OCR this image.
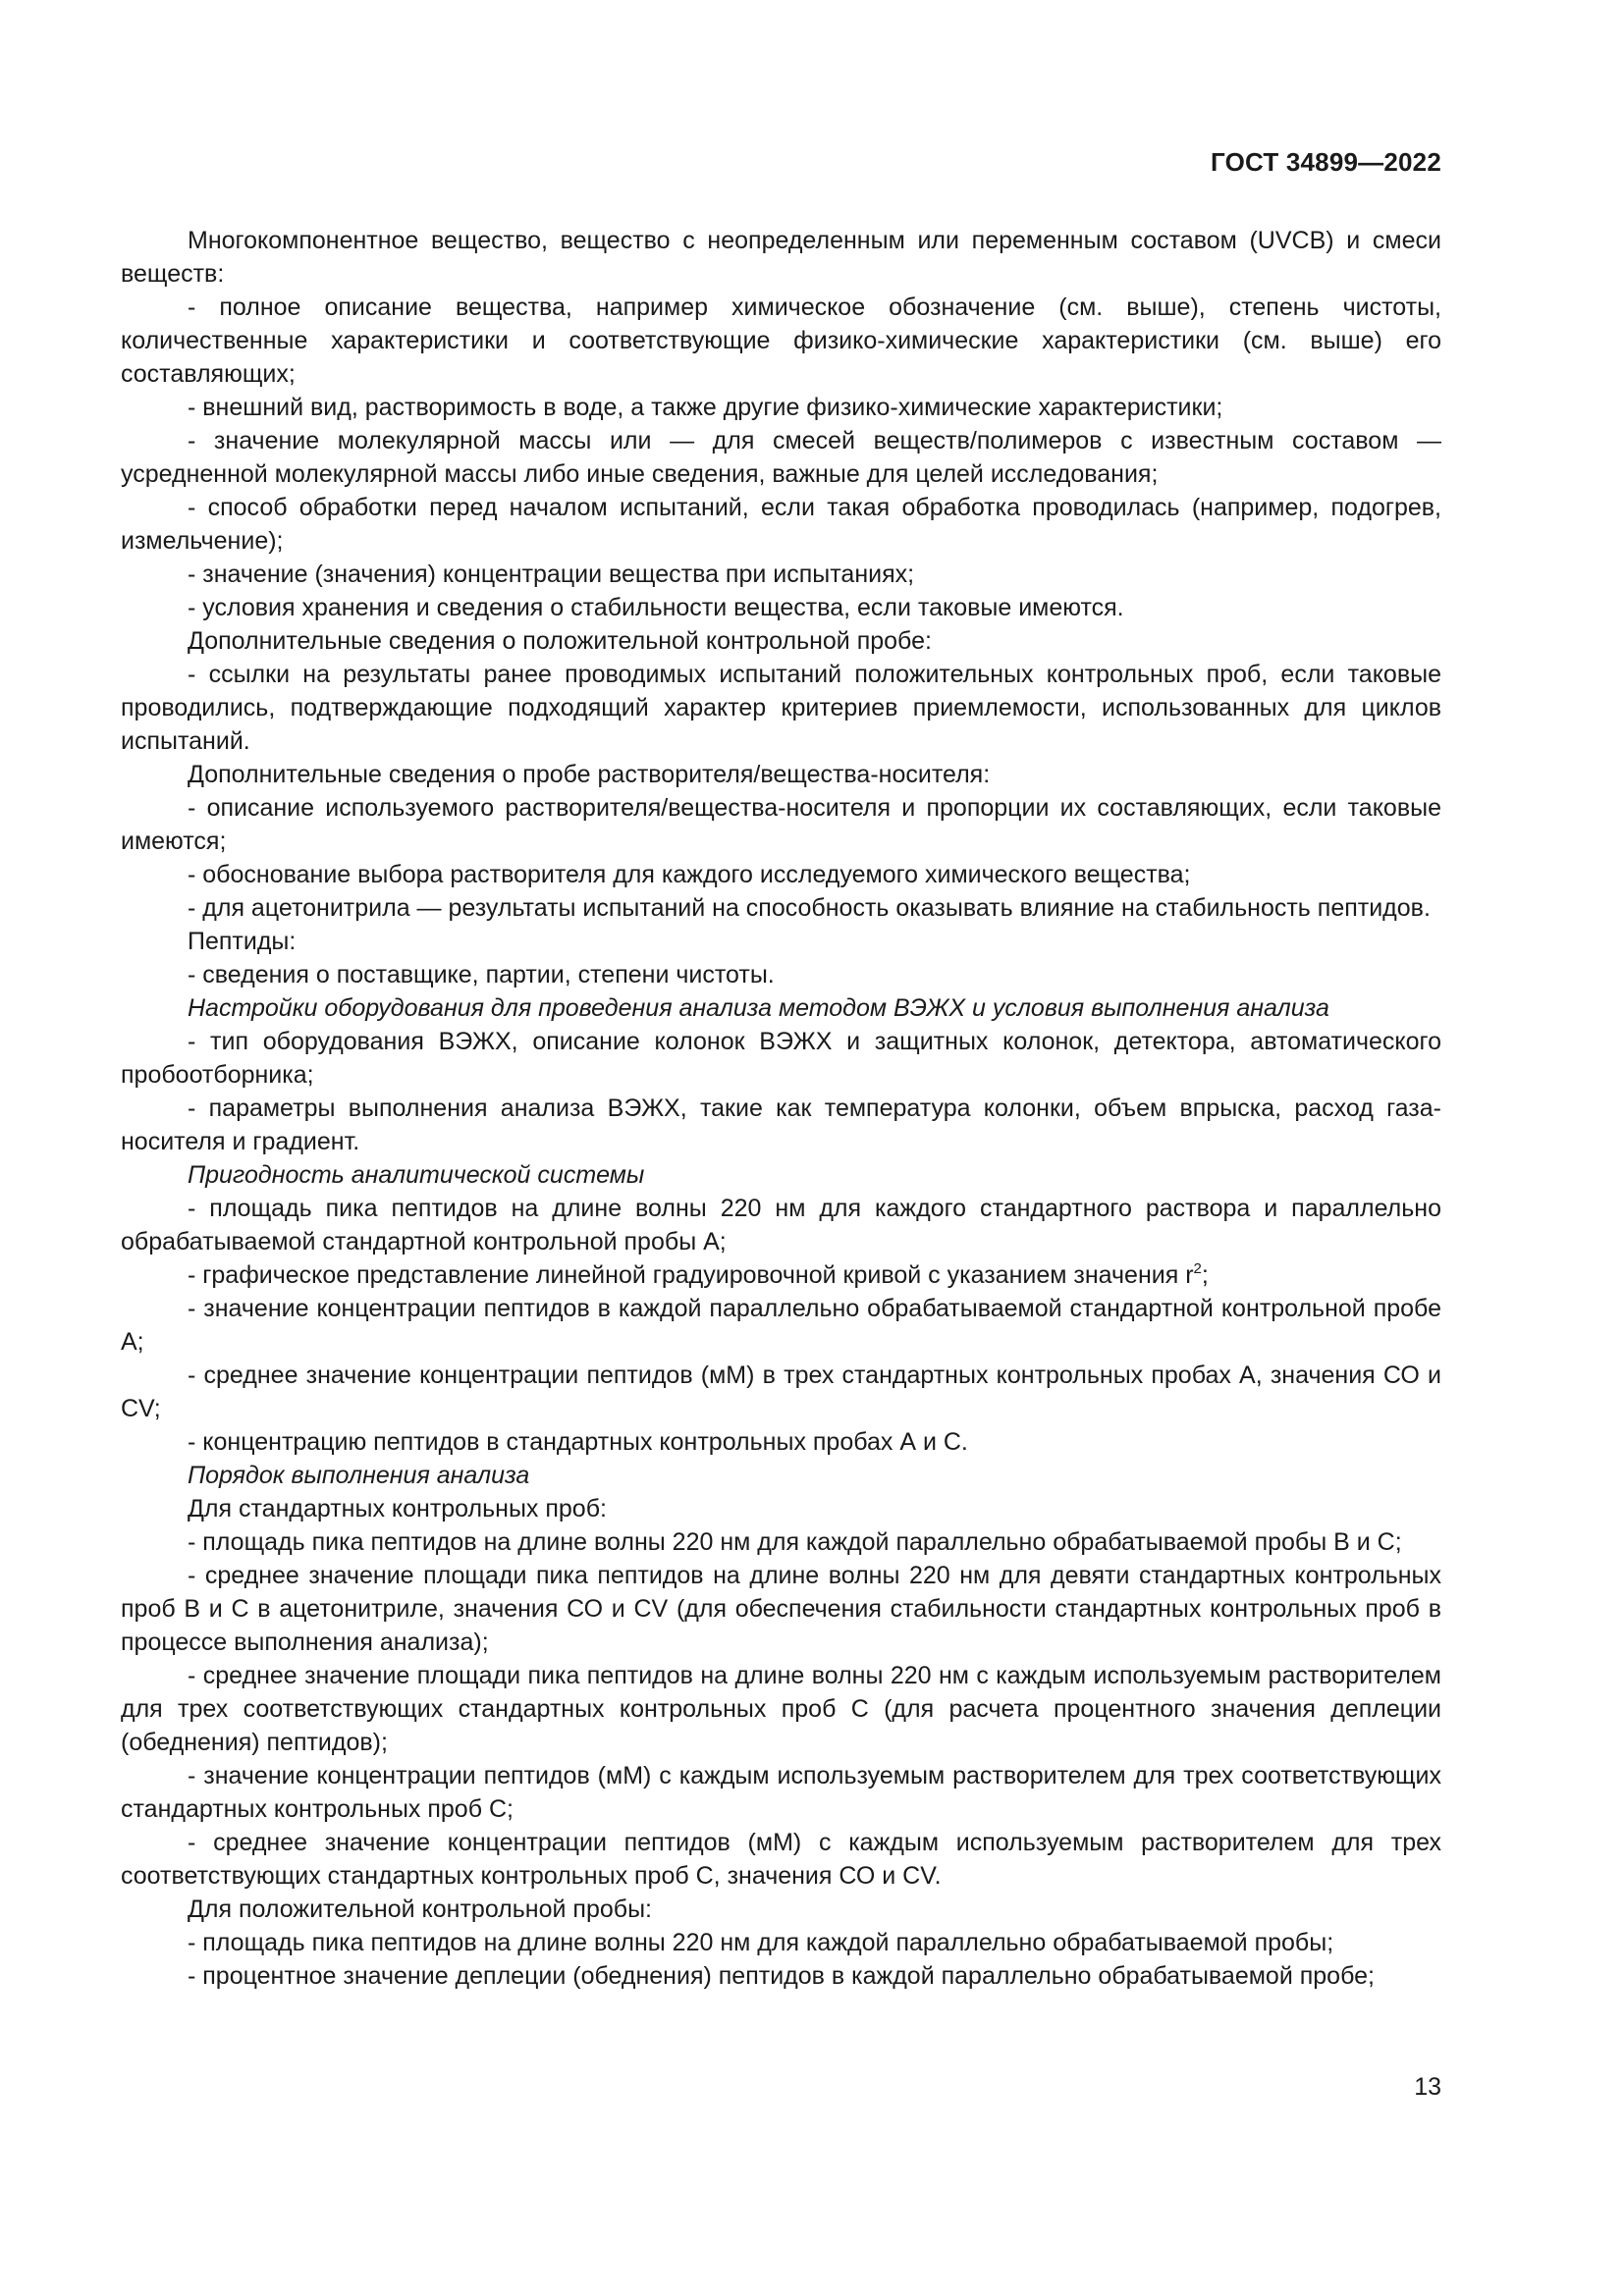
ГОСТ 34899—2022

Многокомпонентное вещество, вещество с неопределенным или переменным составом (UVCB) и смеси веществ:

- полное описание вещества, например химическое обозначение (см. выше), степень чистоты, количественные характеристики и соответствующие физико-химические характеристики (см. выше) его составляющих;

- внешний вид, растворимость в воде, а также другие физико-химические характеристики;

- значение молекулярной массы или — для смесей веществ/полимеров с известным составом — усредненной молекулярной массы либо иные сведения, важные для целей исследования;

- способ обработки перед началом испытаний, если такая обработка проводилась (например, подогрев, измельчение);

- значение (значения) концентрации вещества при испытаниях;

- условия хранения и сведения о стабильности вещества, если таковые имеются.

Дополнительные сведения о положительной контрольной пробе:

- ссылки на результаты ранее проводимых испытаний положительных контрольных проб, если таковые проводились, подтверждающие подходящий характер критериев приемлемости, использованных для циклов испытаний.

Дополнительные сведения о пробе растворителя/вещества-носителя:

- описание используемого растворителя/вещества-носителя и пропорции их составляющих, если таковые имеются;

- обоснование выбора растворителя для каждого исследуемого химического вещества;

- для ацетонитрила — результаты испытаний на способность оказывать влияние на стабильность пептидов.

Пептиды:

- сведения о поставщике, партии, степени чистоты.

Настройки оборудования для проведения анализа методом ВЭЖХ и условия выполнения анализа

- тип оборудования ВЭЖХ, описание колонок ВЭЖХ и защитных колонок, детектора, автоматического пробоотборника;

- параметры выполнения анализа ВЭЖХ, такие как температура колонки, объем впрыска, расход газа-носителя и градиент.

Пригодность аналитической системы

- площадь пика пептидов на длине волны 220 нм для каждого стандартного раствора и параллельно обрабатываемой стандартной контрольной пробы А;

- графическое представление линейной градуировочной кривой с указанием значения $r^2$;

- значение концентрации пептидов в каждой параллельно обрабатываемой стандартной контрольной пробе А;

- среднее значение концентрации пептидов (мМ) в трех стандартных контрольных пробах А, значения СО и CV;

- концентрацию пептидов в стандартных контрольных пробах А и С.

Порядок выполнения анализа

Для стандартных контрольных проб:

- площадь пика пептидов на длине волны 220 нм для каждой параллельно обрабатываемой пробы В и С;

- среднее значение площади пика пептидов на длине волны 220 нм для девяти стандартных контрольных проб В и С в ацетонитриле, значения СО и CV (для обеспечения стабильности стандартных контрольных проб в процессе выполнения анализа);

- среднее значение площади пика пептидов на длине волны 220 нм с каждым используемым растворителем для трех соответствующих стандартных контрольных проб С (для расчета процентного значения деплеции (обеднения) пептидов);

- значение концентрации пептидов (мМ) с каждым используемым растворителем для трех соответствующих стандартных контрольных проб С;

- среднее значение концентрации пептидов (мМ) с каждым используемым растворителем для трех соответствующих стандартных контрольных проб С, значения СО и CV.

Для положительной контрольной пробы:

- площадь пика пептидов на длине волны 220 нм для каждой параллельно обрабатываемой пробы;

- процентное значение деплеции (обеднения) пептидов в каждой параллельно обрабатываемой пробе;

13
